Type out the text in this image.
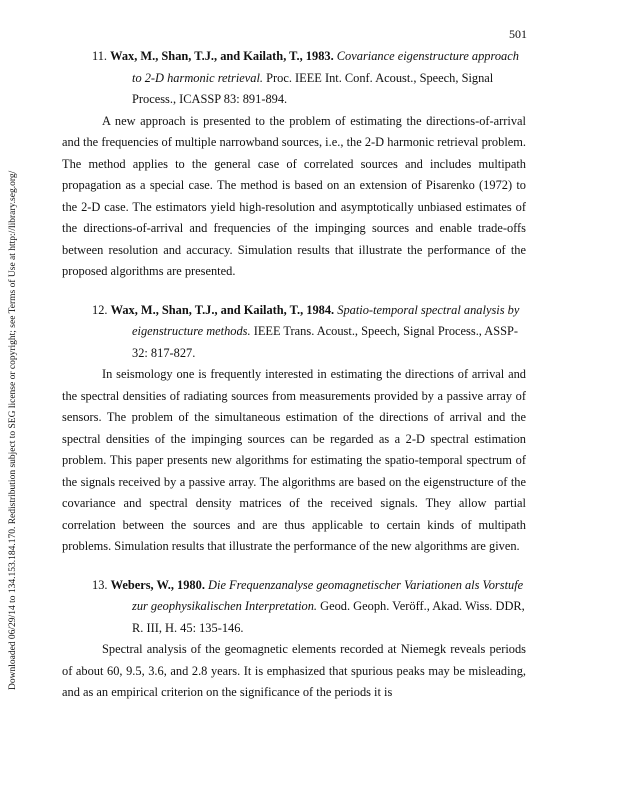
501
Downloaded 06/29/14 to 134.153.184.170. Redistribution subject to SEG license or copyright; see Terms of Use at http://library.seg.org/

11. Wax, M., Shan, T.J., and Kailath, T., 1983. Covariance eigenstructure approach to 2-D harmonic retrieval. Proc. IEEE Int. Conf. Acoust., Speech, Signal Process., ICASSP 83: 891-894.

A new approach is presented to the problem of estimating the directions-of-arrival and the frequencies of multiple narrowband sources, i.e., the 2-D harmonic retrieval problem. The method applies to the general case of correlated sources and includes multipath propagation as a special case. The method is based on an extension of Pisarenko (1972) to the 2-D case. The estimators yield high-resolution and asymptotically unbiased estimates of the directions-of-arrival and frequencies of the impinging sources and enable trade-offs between resolution and accuracy. Simulation results that illustrate the performance of the proposed algorithms are presented.

12. Wax, M., Shan, T.J., and Kailath, T., 1984. Spatio-temporal spectral analysis by eigenstructure methods. IEEE Trans. Acoust., Speech, Signal Process., ASSP-32: 817-827.

In seismology one is frequently interested in estimating the directions of arrival and the spectral densities of radiating sources from measurements provided by a passive array of sensors. The problem of the simultaneous estimation of the directions of arrival and the spectral densities of the impinging sources can be regarded as a 2-D spectral estimation problem. This paper presents new algorithms for estimating the spatio-temporal spectrum of the signals received by a passive array. The algorithms are based on the eigenstructure of the covariance and spectral density matrices of the received signals. They allow partial correlation between the sources and are thus applicable to certain kinds of multipath problems. Simulation results that illustrate the performance of the new algorithms are given.

13. Webers, W., 1980. Die Frequenzanalyse geomagnetischer Variationen als Vorstufe zur geophysikalischen Interpretation. Geod. Geoph. Veröff., Akad. Wiss. DDR, R. III, H. 45: 135-146.

Spectral analysis of the geomagnetic elements recorded at Niemegk reveals periods of about 60, 9.5, 3.6, and 2.8 years. It is emphasized that spurious peaks may be misleading, and as an empirical criterion on the significance of the periods it is
